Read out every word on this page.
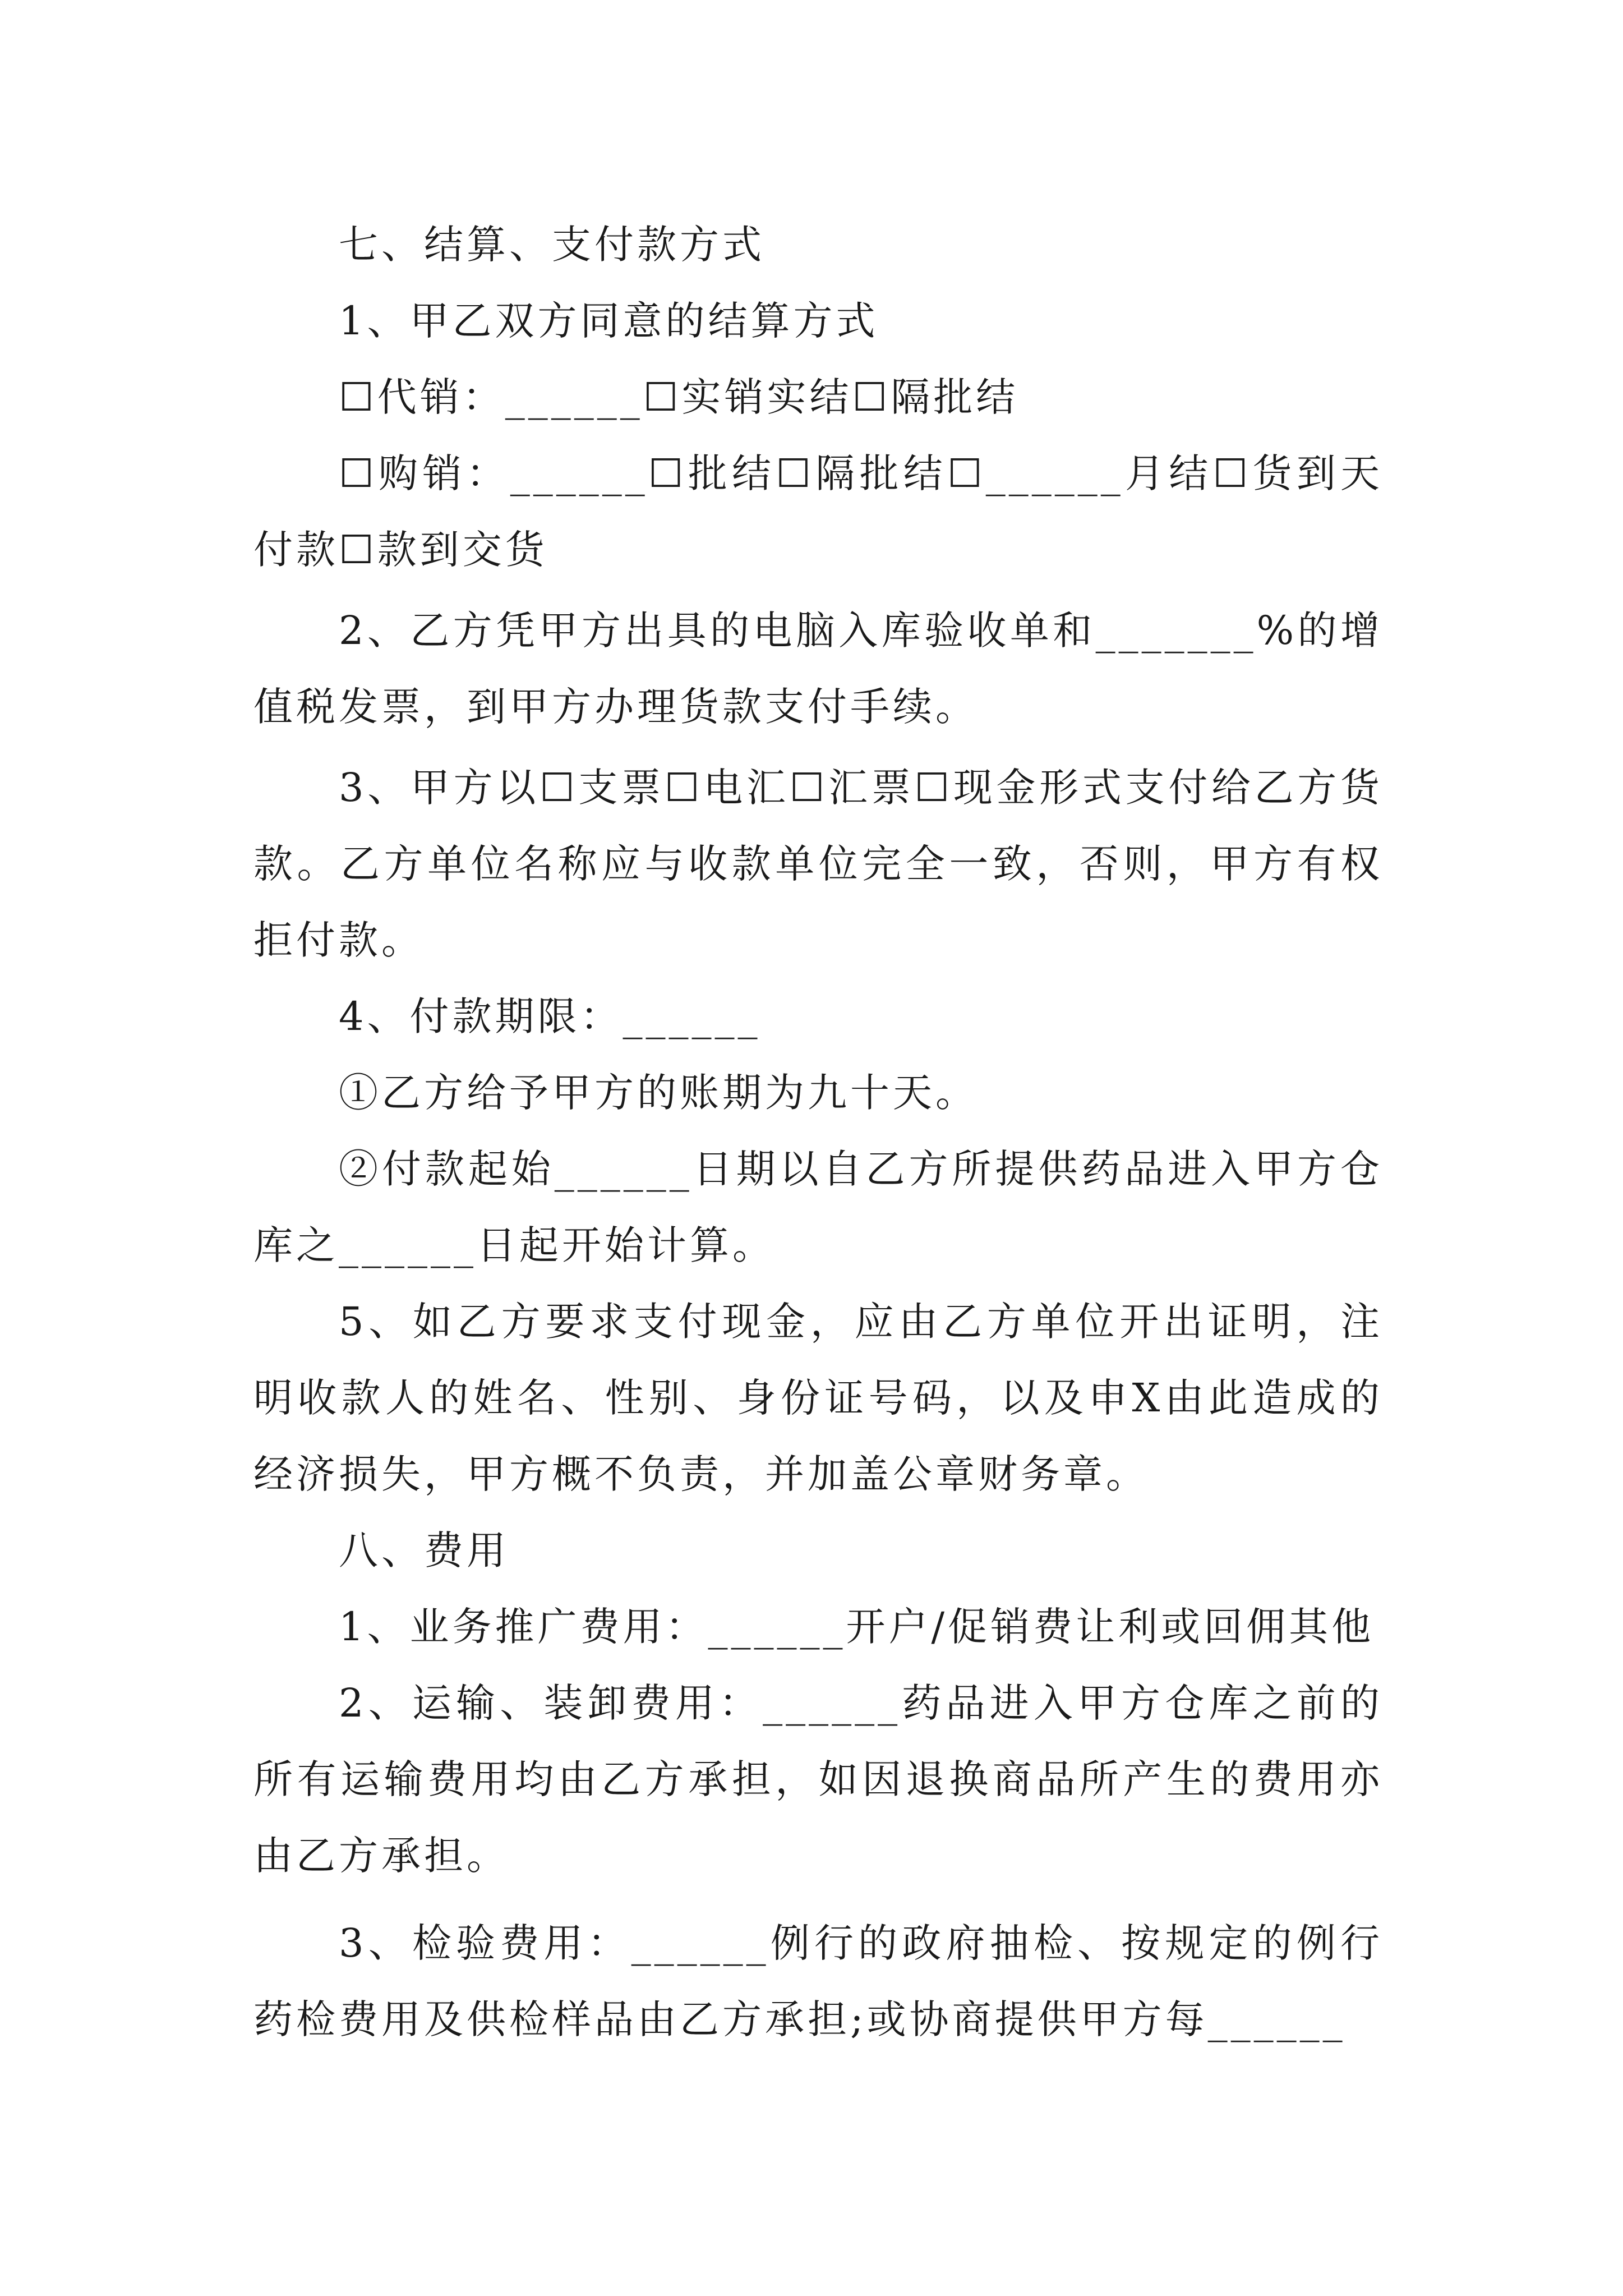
七、结算、支付款方式

1、甲乙双方同意的结算方式

☐代销：______☐实销实结☐隔批结

☐购销：______☐批结☐隔批结☐______月结☐货到天付款☐款到交货

2、乙方凭甲方出具的电脑入库验收单和_______%的增值税发票，到甲方办理货款支付手续。

3、甲方以☐支票☐电汇☐汇票☐现金形式支付给乙方货款。乙方单位名称应与收款单位完全一致，否则，甲方有权拒付款。

4、付款期限：______

①乙方给予甲方的账期为九十天。

②付款起始______日期以自乙方所提供药品进入甲方仓库之______日起开始计算。

5、如乙方要求支付现金，应由乙方单位开出证明，注明收款人的姓名、性别、身份证号码，以及申X由此造成的经济损失，甲方概不负责，并加盖公章财务章。

八、费用

1、业务推广费用：______开户/促销费让利或回佣其他

2、运输、装卸费用：______药品进入甲方仓库之前的所有运输费用均由乙方承担，如因退换商品所产生的费用亦由乙方承担。

3、检验费用：______例行的政府抽检、按规定的例行药检费用及供检样品由乙方承担;或协商提供甲方每______
